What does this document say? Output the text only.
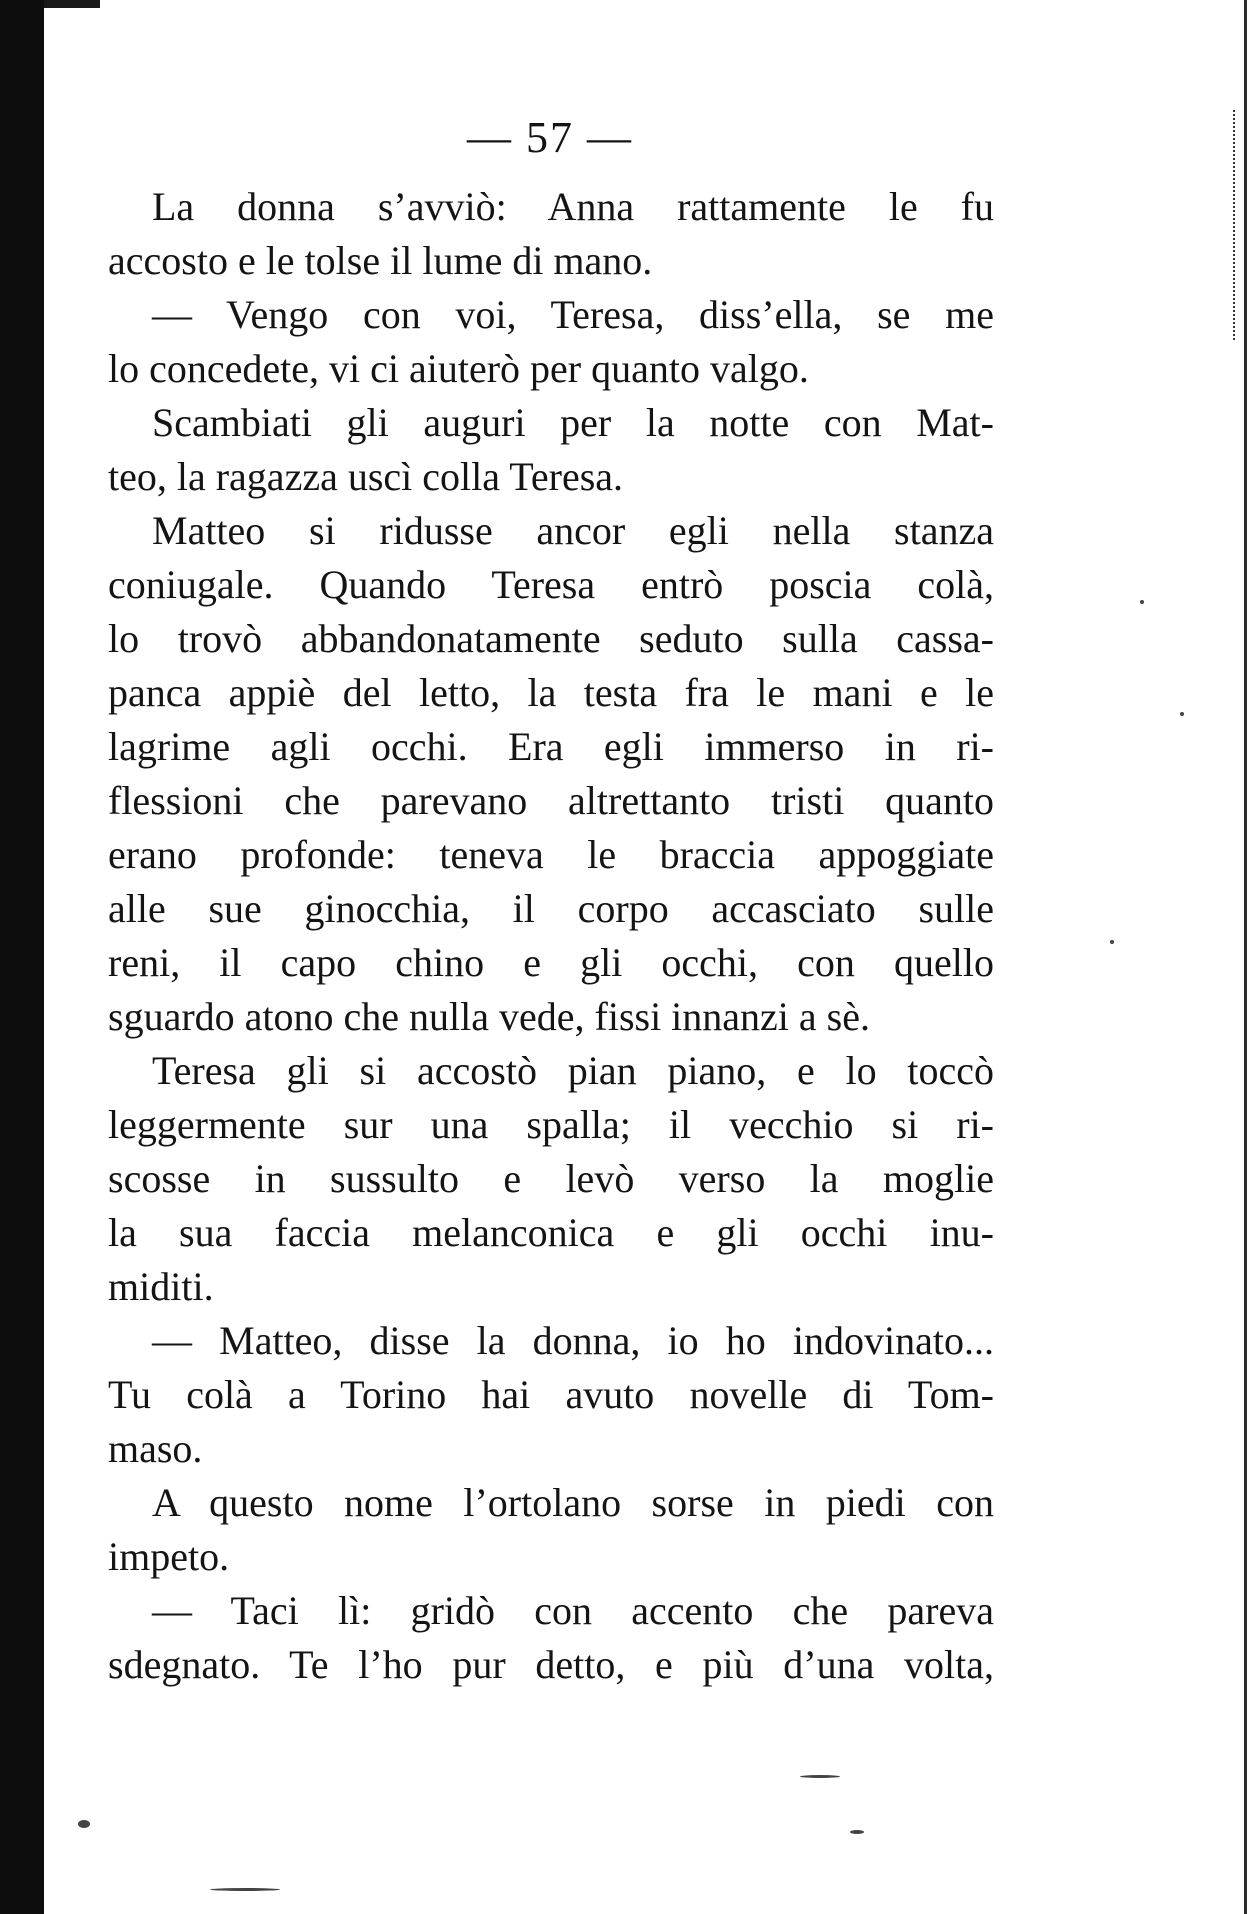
— 57 —
La donna s’avviò: Anna rattamente le fu
accosto e le tolse il lume di mano.
— Vengo con voi, Teresa, diss’ella, se me
lo concedete, vi ci aiuterò per quanto valgo.
Scambiati gli auguri per la notte con Mat-
teo, la ragazza uscì colla Teresa.
Matteo si ridusse ancor egli nella stanza
coniugale. Quando Teresa entrò poscia colà,
lo trovò abbandonatamente seduto sulla cassa-
panca appiè del letto, la testa fra le mani e le
lagrime agli occhi. Era egli immerso in ri-
flessioni che parevano altrettanto tristi quanto
erano profonde: teneva le braccia appoggiate
alle sue ginocchia, il corpo accasciato sulle
reni, il capo chino e gli occhi, con quello
sguardo atono che nulla vede, fissi innanzi a sè.
Teresa gli si accostò pian piano, e lo toccò
leggermente sur una spalla; il vecchio si ri-
scosse in sussulto e levò verso la moglie
la sua faccia melanconica e gli occhi inu-
miditi.
— Matteo, disse la donna, io ho indovinato...
Tu colà a Torino hai avuto novelle di Tom-
maso.
A questo nome l’ortolano sorse in piedi con
impeto.
— Taci lì: gridò con accento che pareva
sdegnato. Te l’ho pur detto, e più d’una volta,
